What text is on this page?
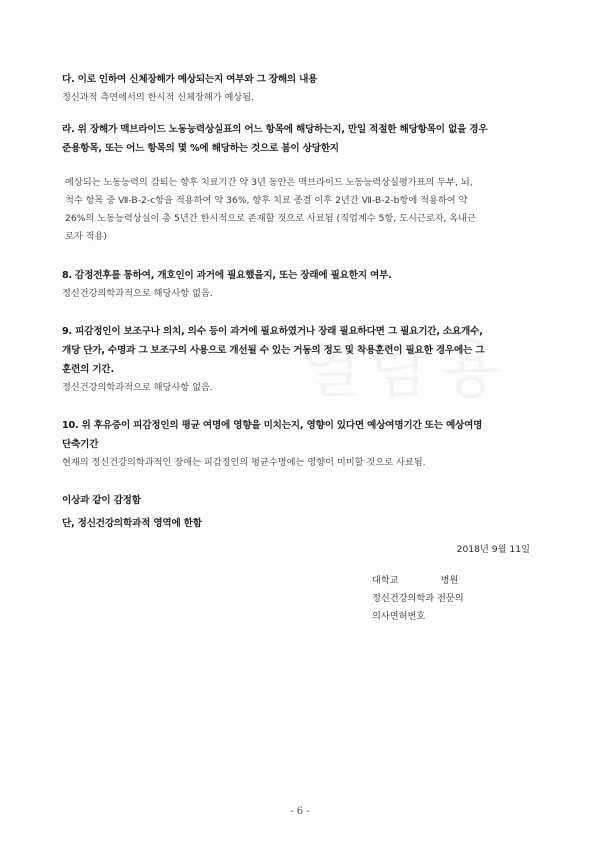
다. 이로 인하여 신체장해가 예상되는지 여부와 그 장해의 내용

정신과적 측면에서의 한시적 신체장해가 예상됨.

라. 위 장해가 맥브라이드 노동능력상실표의 어느 항목에 해당하는지, 만일 적절한 해당항목이 없을 경우

준용항목, 또는 어느 항목의 몇 %에 해당하는 것으로 봄이 상당한지

예상되는 노동능력의 감퇴는 향후 치료기간 약 3년 동안은 맥브라이드 노동능력상실평가표의 두부, 뇌,

척수 항목 중 Ⅶ-B-2-c항을 적용하여 약 36%, 향후 치료 종결 이후 2년간 Ⅶ-B-2-b항에 적용하여 약

26%의 노동능력상실이 총 5년간 한시적으로 존재할 것으로 사료됨 (직업계수 5항, 도시근로자, 옥내근

로자 적용)

8. 감정전후를 통하여, 개호인이 과거에 필요했을지, 또는 장래에 필요한지 여부.

정신건강의학과적으로 해당사항 없음.

9. 피감정인이 보조구나 의치, 의수 등이 과거에 필요하였거나 장래 필요하다면 그 필요기간, 소요개수,

개당 단가, 수명과 그 보조구의 사용으로 개선될 수 있는 거동의 정도 및 착용훈련이 필요한 경우에는 그

훈련의 기간.

정신건강의학과적으로 해당사항 없음.

10. 위 후유증이 피감정인의 평균 여명에 영향을 미치는지, 영향이 있다면 예상여명기간 또는 예상여명

단축기간

현재의 정신건강의학과적인 장애는 피감정인의 평균수명에는 영향이 미미할 것으로 사료됨.

이상과 같이 감정함

단, 정신건강의학과적 영역에 한함

2018년 9월 11일
대학교	병원
정신건강의학과 전문의
의사면허번호
- 6 -
